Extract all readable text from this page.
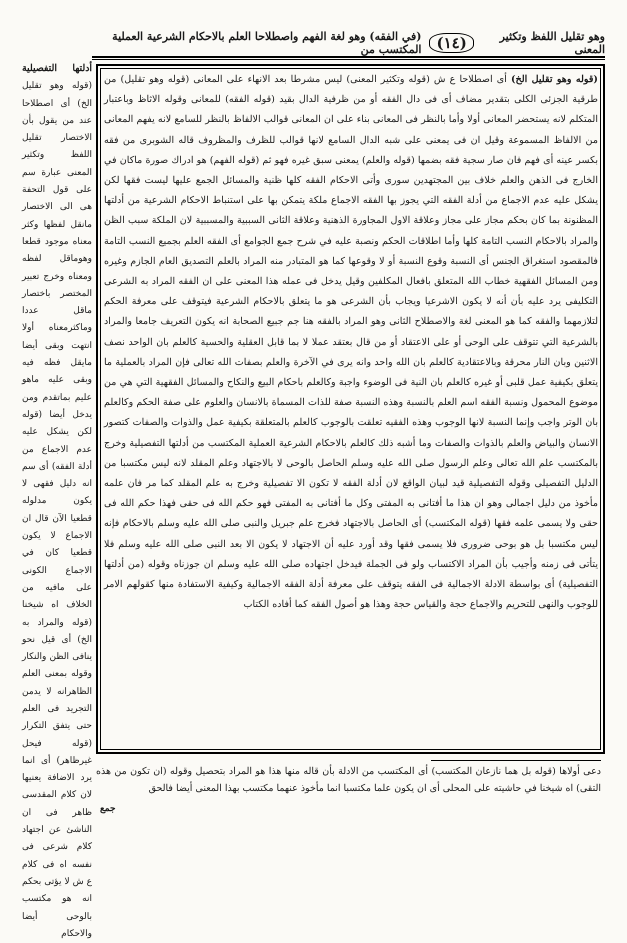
وهو تقليل اللفظ وتكثير المعنى
(١٤)
(في الفقه) وهو لغة الفهم واصطلاحا العلم بالاحكام الشرعية العملية المكتسب من
أدلتها التفصيلية (قوله وهو تقليل الخ) أى اصطلاحا عند من يقول بأن الاختصار تقليل اللفظ وتكثير المعنى عبارة سم على قول التحفة هى الى الاختصار مانقل لفظها وكثر معناه موجود قطعا وهوماقل لفظه ومعناه وخرج تعبير المختصر باختصار ماقل عددا وماكثرمعناه أولا انتهت وبقى أيضا مايقل فظه فيه وبقى عليه ماهو عليم بماتقدم ومن يدخل أيضا (قوله لكن يشكل عليه عدم الاجماع من أدلة الفقه) أى سم انه دليل فقهى لا يكون مدلوله قطعيا الآن قال ان الاجماع لا يكون قطعيا كان في الاجماع الكونى على مافيه من الخلاف اه شيخنا (قوله والمراد به الخ) أى قيل نحو ينافى الظن والنكار وقوله بمعنى العلم الظاهرانه لا يدمن التجريد فى العلم حتى يتفق التكرار (قوله فيحل غيرظاهر) أى انما يرد الاضافة يعنيها لان كلام المقدسى ظاهر فى ان الناشئ عن اجتهاد كلام شرعى فى نفسه اه فى كلام ع ش لا يؤتى بحكم انه هو مكتسب بالوحى أيضا والاحكام
(قوله وهو تقليل الخ) أى اصطلاحا ع ش (قوله وتكثير المعنى) ليس مشرطا بعد الانهاء على المعانى (قوله وهو تقليل) من طرقية الجزئى الكلى بتقدير مضاف أى فى دال الفقه أو من ظرفية الدال بقيد (قوله الفقه) للمعانى وقوله الاثاظ وباعتبار المتكلم لانه يستحضر المعانى أولا وأما بالنظر فى المعانى بناء على ان المعانى قوالب الالفاظ بالنظر للسامع لانه يفهم المعانى من الالفاظ المسموعة وقيل ان فى يمعنى على شبه الدال السامع لانها قوالب للظرف والمظروف قاله الشوبرى من فقه بكسر عينه أى فهم فان صار سجية فقه بضمها (قوله والعلم) يمعنى سبق غيره فهو ثم (قوله الفهم) هو ادراك صورة ماكان في الخارج فى الذهن والعلم خلاف بين المجتهدين سورى وأتى الاحكام الفقه كلها ظنية والمسائل الجمع عليها ليست فقها لكن يشكل عليه عدم الاجماع من أدلة الفقه التي يجوز بها الفقه الاجماع ملكة يتمكن بها على استنباط الاحكام الشرعية من أدلتها المظنونة بما كان بحكم مجاز على مجاز وعلاقة الاول المجاورة الذهنية وعلاقة الثانى السببية والمسببية لان الملكة سبب الظن والمراد بالاحكام النسب التامة كلها وأما اطلاقات الحكم ونصبة عليه في شرح جمع الجوامع أى الفقه العلم بجميع النسب التامة فالمقصود استغراق الجنس أى النسبة وقوع النسبة أو لا وقوعها كما هو المتبادر منه المراد بالعلم التصديق العام الجازم وغيره ومن المسائل الفقهية خطاب الله المتعلق بافعال المكلفين وقيل يدخل فى عمله هذا المعنى على ان الفقه المراد به الشرعى التكليفى يرد عليه بأن أنه لا يكون الاشرعيا ويجاب بأن الشرعى هو ما يتعلق بالاحكام الشرعية فيتوقف على معرفة الحكم لتلازمهما والفقه كما هو المعنى لغة والاصطلاح الثانى وهو المراد بالفقه هنا جم جبيع الصحابة انه يكون التعريف جامعا والمراد بالشرعية التي تتوقف على الوحى أو على الاعتقاد أو من قال بعتقد عملا لا بما قابل العقلية والحسية كالعلم بان الواحد نصف الاثنين وبان النار محرقة وبالاعتقادية كالعلم بان الله واحد وانه يرى في الآخرة والعلم بصفات الله تعالى فإن المراد بالعملية ما يتعلق بكيفية عمل قلبى أو غيره كالعلم بان النية فى الوضوء واجبة وكالعلم باحكام البيع والنكاح والمسائل الفقهية التي هي من موضوع المحمول ونسبة الفقه اسم العلم بالنسبة وهذه النسبة صفة للذات المسماة بالانسان والعلوم على صفة الحكم وكالعلم بان الوتر واجب وإنما النسبة لانها الوجوب وهذه الفقيه تعلقت بالوجوب كالعلم بالمتعلقة بكيفية عمل والذوات والصفات كتصور الانسان والبياض والعلم بالذوات والصفات وما أشبه ذلك كالعلم بالاحكام الشرعية العملية المكتسب من أدلتها التفصيلية وخرج بالمكتسب علم الله تعالى وعلم الرسول صلى الله عليه وسلم الحاصل بالوحى لا بالاجتهاد وعلم المقلد لانه ليس مكتسبا من الدليل التفصيلى وقوله التفصيلية قيد لبيان الواقع لان أدلة الفقه لا تكون الا تفصيلية وخرج به علم المقلد كما مر فان علمه مأخوذ من دليل اجمالى وهو ان هذا ما أفتانى به المفتى وكل ما أفتانى به المفتى فهو حكم الله فى حقى فهذا حكم الله فى حقى ولا يسمى علمه فقها (قوله المكتسب) أى الحاصل بالاجتهاد فخرج علم جبريل والنبى صلى الله عليه وسلم بالاحكام فإنه ليس مكتسبا بل هو بوحى ضرورى فلا يسمى فقها وقد أورد عليه أن الاجتهاد لا يكون الا بعد النبى صلى الله عليه وسلم فلا يتأتى فى زمنه وأجيب بأن المراد الاكتساب ولو فى الجملة فيدخل اجتهاده صلى الله عليه وسلم ان جوزناه وقوله (من أدلتها التفصيلية) أى بواسطة الادلة الاجمالية فى الفقه يتوقف على معرفة أدلة الفقه الاجمالية وكيفية الاستفادة منها كقولهم الامر للوجوب والنهى للتحريم والاجماع حجة والقياس حجة وهذا هو أصول الفقه كما أفاده الكتاب
دعى أولاها (قوله بل هما نازعان المكتسب) أى المكتسب من الادلة بأن قاله منها هذا هو المراد بتحصيل وقوله (ان تكون من هذه التقى) اه شيخنا في حاشيته على المحلى أى ان يكون علما مكتسبا انما مأخوذ عنهما مكتسب بهذا المعنى أيضا فالحق
جمع
